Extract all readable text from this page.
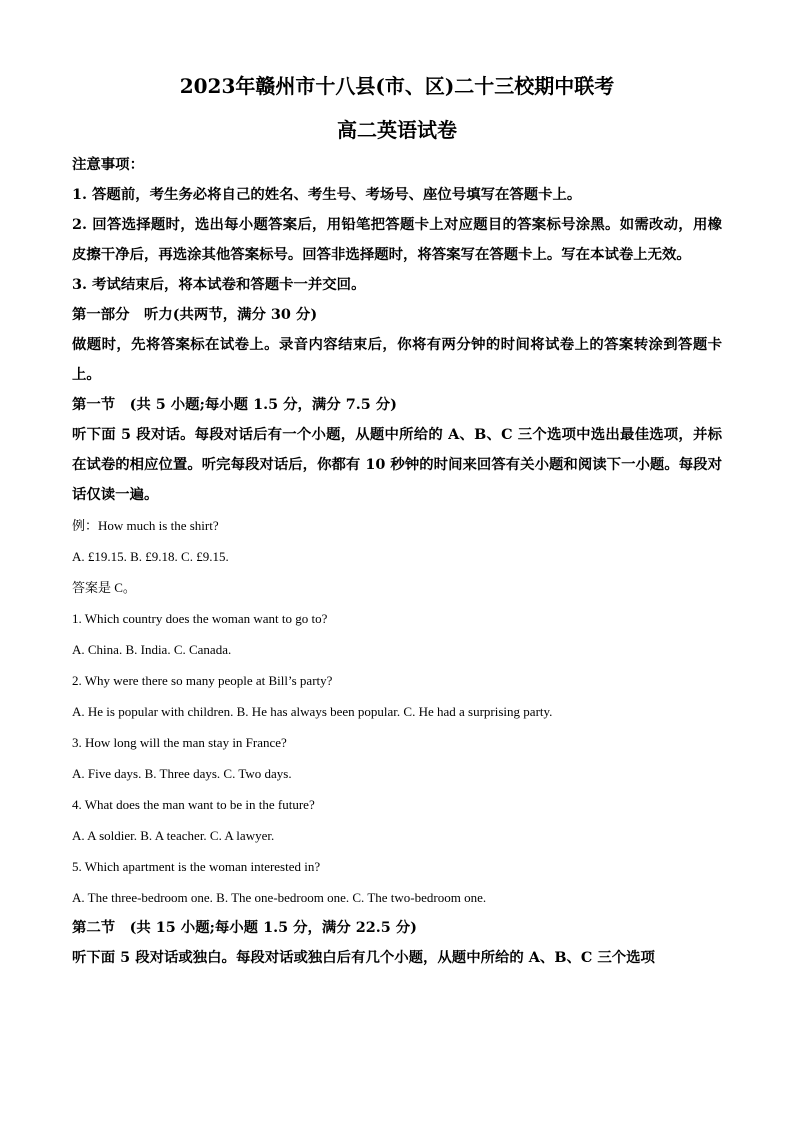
2023年赣州市十八县(市、区)二十三校期中联考
高二英语试卷

注意事项：

1. 答题前，考生务必将自己的姓名、考生号、考场号、座位号填写在答题卡上。

2. 回答选择题时，选出每小题答案后，用铅笔把答题卡上对应题目的答案标号涂黑。如需改动，用橡皮擦干净后，再选涂其他答案标号。回答非选择题时，将答案写在答题卡上。写在本试卷上无效。

3. 考试结束后，将本试卷和答题卡一并交回。

第一部分　听力(共两节，满分 30 分)

做题时，先将答案标在试卷上。录音内容结束后，你将有两分钟的时间将试卷上的答案转涂到答题卡上。

第一节　(共 5 小题;每小题 1.5 分，满分 7.5 分)

听下面 5 段对话。每段对话后有一个小题，从题中所给的 A、B、C 三个选项中选出最佳选项，并标在试卷的相应位置。听完每段对话后，你都有 10 秒钟的时间来回答有关小题和阅读下一小题。每段对话仅读一遍。

例：How much is the shirt?

A. £19.15. B. £9.18. C. £9.15.

答案是 C。

1. Which country does the woman want to go to?

A. China. B. India. C. Canada.

2. Why were there so many people at Bill’s party?

A. He is popular with children. B. He has always been popular. C. He had a surprising party.

3. How long will the man stay in France?

A. Five days. B. Three days. C. Two days.

4. What does the man want to be in the future?

A. A soldier. B. A teacher. C. A lawyer.

5. Which apartment is the woman interested in?

A. The three-bedroom one. B. The one-bedroom one. C. The two-bedroom one.

第二节　(共 15 小题;每小题 1.5 分，满分 22.5 分)

听下面 5 段对话或独白。每段对话或独白后有几个小题，从题中所给的 A、B、C 三个选项
